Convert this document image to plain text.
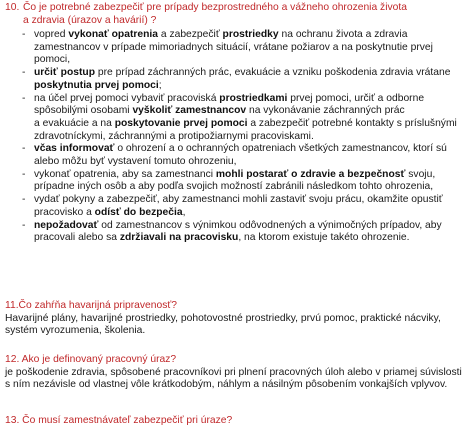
10. Čo je potrebné zabezpečiť pre prípady bezprostredného a vážneho ohrozenia života
a zdravia (úrazov a havárií) ?
- vopred vykonať opatrenia a zabezpečiť prostriedky na ochranu života a zdravia zamestnancov v prípade mimoriadnych situácií, vrátane požiarov a na poskytnutie prvej pomoci,
- určiť postup pre prípad záchranných prác, evakuácie a vzniku poškodenia zdravia vrátane poskytnutia prvej pomoci;
- na účel prvej pomoci vybaviť pracoviská prostriedkami prvej pomoci, určiť a odborne spôsobilými osobami vyškoliť zamestnancov na vykonávanie záchranných prác
a evakuácie a na poskytovanie prvej pomoci a zabezpečiť potrebné kontakty s príslušnými zdravotníckymi, záchrannými a protipožiarnymi pracoviskami.
- včas informovať o ohrození a o ochranných opatreniach všetkých zamestnancov, ktorí sú alebo môžu byť vystavení tomuto ohrozeniu,
- vykonať opatrenia, aby sa zamestnanci mohli postarať o zdravie a bezpečnosť svoju, prípadne iných osôb a aby podľa svojich možností zabránili následkom tohto ohrozenia,
- vydať pokyny a zabezpečiť, aby zamestnanci mohli zastaviť svoju prácu, okamžite opustiť pracovisko a odísť do bezpečia,
- nepožadovať od zamestnancov s výnimkou odôvodnených a výnimočných prípadov, aby pracovali alebo sa zdržiavali na pracovisku, na ktorom existuje takéto ohrozenie.
11.Čo zahŕňa havarijná pripravenosť?
Havarijné plány, havarijné prostriedky, pohotovostné prostriedky, prvú pomoc, praktické nácviky, systém vyrozumenia, školenia.
12. Ako je definovaný pracovný úraz?
je poškodenie zdravia, spôsobené pracovníkovi pri plnení pracovných úloh alebo v priamej súvislosti s ním nezávisle od vlastnej vôle krátkodobým, náhlym a násilným pôsobením vonkajších vplyvov.
13. Čo musí zamestnávateľ zabezpečiť pri úraze?
